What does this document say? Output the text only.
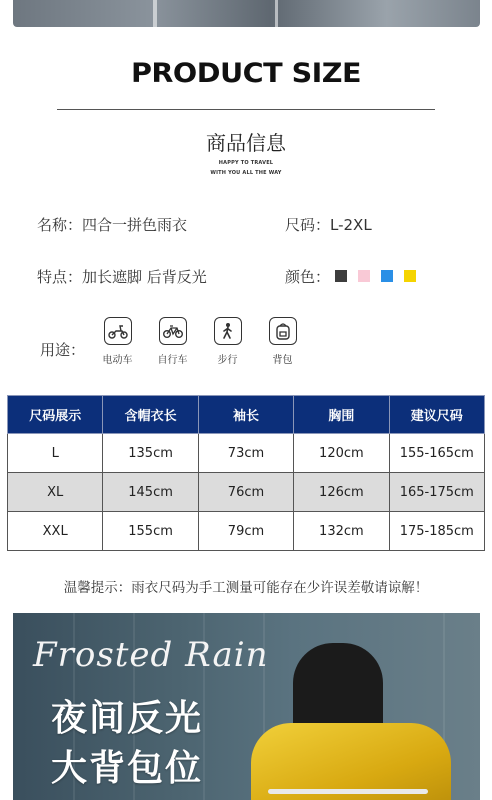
PRODUCT SIZE
商品信息
HAPPY TO TRAVEL
WITH YOU ALL THE WAY
名称：四合一拼色雨衣	尺码：L-2XL
特点：加长遮脚 后背反光	颜色：
用途：
电动车	自行车	步行	背包
尺码展示	含帽衣长	袖长	胸围	建议尺码
L	135cm	73cm	120cm	155-165cm
XL	145cm	76cm	126cm	165-175cm
XXL	155cm	79cm	132cm	175-185cm
温馨提示：雨衣尺码为手工测量可能存在少许误差敬请谅解！
Frosted Rain
夜间反光
大背包位
